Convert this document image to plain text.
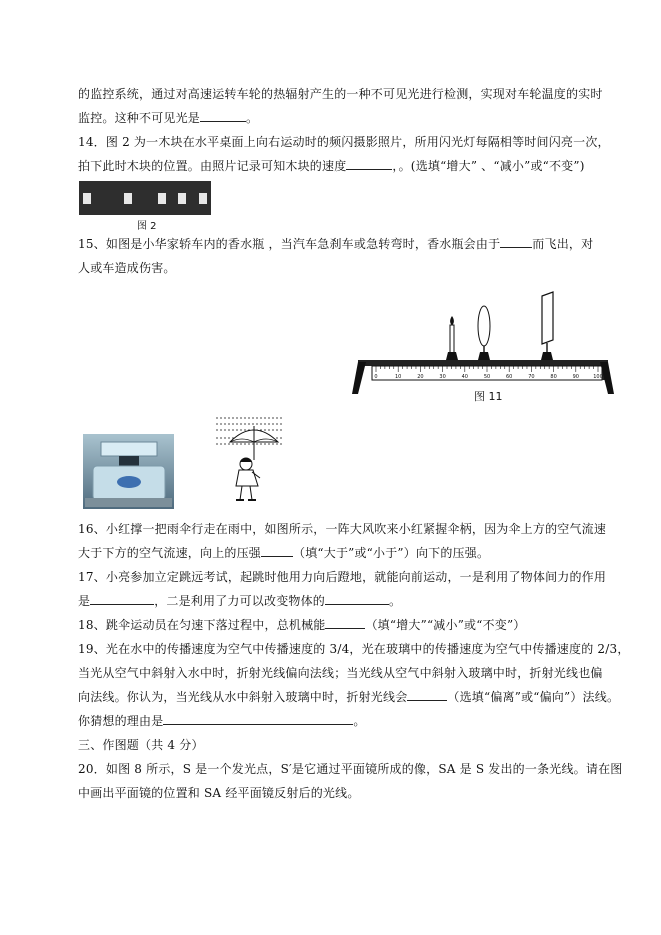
的监控系统，通过对高速运转车轮的热辐射产生的一种不可见光进行检测，实现对车轮温度的实时
监控。这种不可见光是	。
14．图 2 为一木块在水平桌面上向右运动时的频闪摄影照片，所用闪光灯每隔相等时间闪亮一次，
拍下此时木块的位置。由照片记录可知木块的速度	，。(选填“增大” 、“减小”或“不变”)
图 2
15、如图是小华家轿车内的香水瓶 ，当汽车急刹车或急转弯时，香水瓶会由于	而飞出，对
人或车造成伤害。
0	10	20	30	40	50	60	70	80	90	100
图 11
16、小红撑一把雨伞行走在雨中，如图所示，一阵大风吹来小红紧握伞柄，因为伞上方的空气流速
大于下方的空气流速，向上的压强	（填“大于”或“小于”）向下的压强。
17、小亮参加立定跳远考试，起跳时他用力向后蹬地，就能向前运动，一是利用了物体间力的作用
是	，二是利用了力可以改变物体的	。
18、跳伞运动员在匀速下落过程中，总机械能	（填“增大”“减小”或“不变”）
19、光在水中的传播速度为空气中传播速度的 3/4，光在玻璃中的传播速度为空气中传播速度的 2/3，
当光从空气中斜射入水中时，折射光线偏向法线；当光线从空气中斜射入玻璃中时，折射光线也偏
向法线。你认为，当光线从水中斜射入玻璃中时，折射光线会	（选填“偏离”或“偏向”）法线。
你猜想的理由是	。
三、作图题（共 4 分）
20．如图 8 所示，S 是一个发光点，S′是它通过平面镜所成的像，SA 是 S 发出的一条光线。请在图
中画出平面镜的位置和 SA 经平面镜反射后的光线。
